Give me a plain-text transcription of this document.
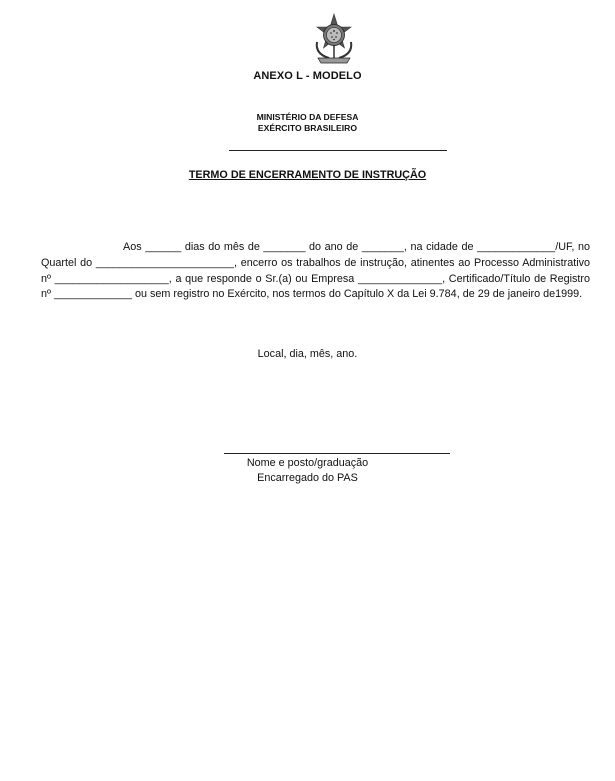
ANEXO L - MODELO
MINISTÉRIO DA DEFESA
EXÉRCITO BRASILEIRO
TERMO DE ENCERRAMENTO DE INSTRUÇÃO
Aos ______ dias do mês de _______ do ano de _______, na cidade de _____________/UF, no Quartel do _______________________, encerro os trabalhos de instrução, atinentes ao Processo Administrativo nº ___________________, a que responde o Sr.(a) ou Empresa ______________, Certificado/Título de Registro nº _____________ ou sem registro no Exército, nos termos do Capítulo X da Lei 9.784, de 29 de janeiro de1999.
Local, dia, mês, ano.
Nome e posto/graduação
Encarregado do PAS
